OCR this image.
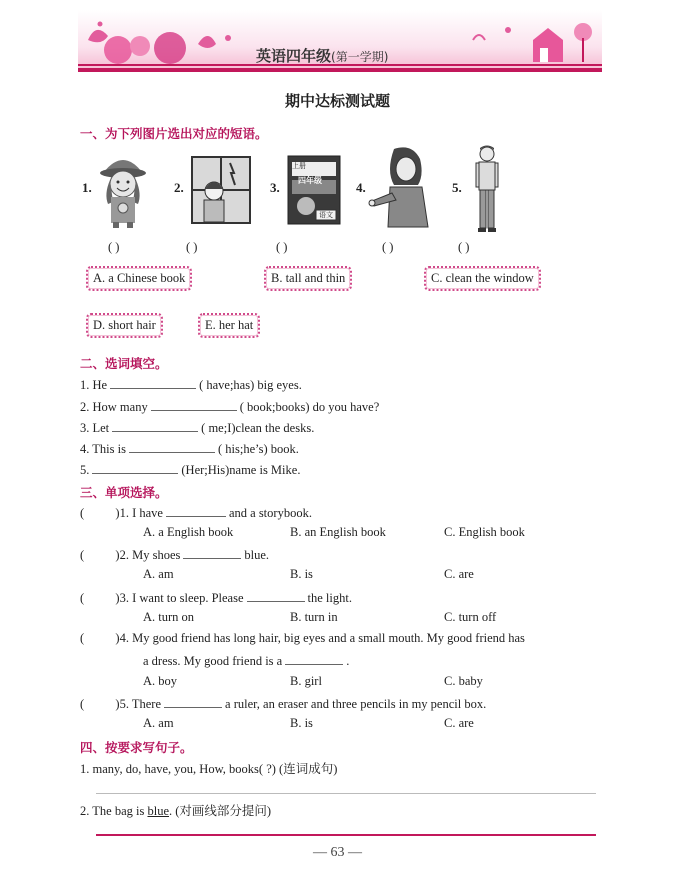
英语四年级(第一学期)
期中达标测试题
一、为下列图片选出对应的短语。
1.	2.	3.	4.	5.
上册
四年级
语文
( )	( )	( )	( )	( )
A. a Chinese book	B. tall and thin	C. clean the window
D. short hair	E. her hat
二、选词填空。
1. He	( have;has) big eyes.
2. How many	( book;books) do you have?
3. Let	( me;I)clean the desks.
4. This is	( his;he’s) book.
5.	(Her;His)name is Mike.
三、单项选择。
(          )1. I have	and a storybook.
A. a English book	B. an English book	C. English book
(          )2. My shoes	blue.
A. am	B. is	C. are
(          )3. I want to sleep. Please	the light.
A. turn on	B. turn in	C. turn off
(          )4. My good friend has long hair, big eyes and a small mouth. My good friend has
a dress. My good friend is a	.
A. boy	B. girl	C. baby
(          )5. There	a ruler, an eraser and three pencils in my pencil box.
A. am	B. is	C. are
四、按要求写句子。
1. many, do, have, you, How, books( ?) (连词成句)
2. The bag is blue. (对画线部分提问)
— 63 —
